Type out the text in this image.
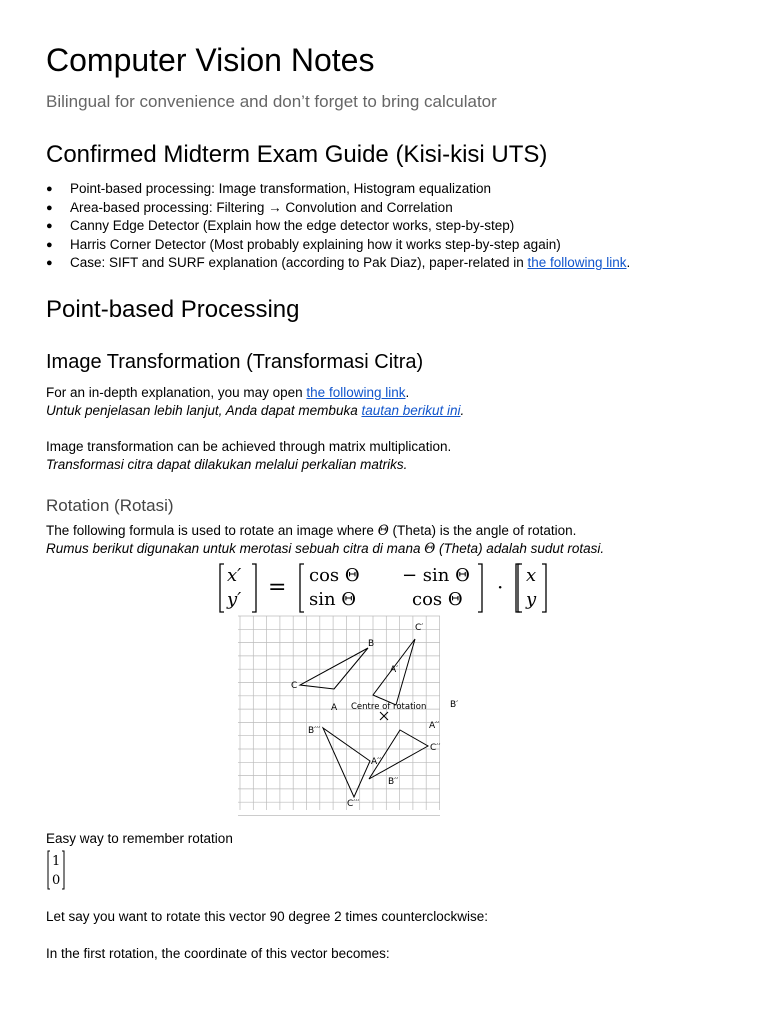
Computer Vision Notes
Bilingual for convenience and don’t forget to bring calculator
Confirmed Midterm Exam Guide (Kisi-kisi UTS)
● Point-based processing: Image transformation, Histogram equalization
● Area-based processing: Filtering → Convolution and Correlation
● Canny Edge Detector (Explain how the edge detector works, step-by-step)
● Harris Corner Detector (Most probably explaining how it works step-by-step again)
● Case: SIFT and SURF explanation (according to Pak Diaz), paper-related in the following link.
Point-based Processing
Image Transformation (Transformasi Citra)
For an in-depth explanation, you may open the following link.
Untuk penjelasan lebih lanjut, Anda dapat membuka tautan berikut ini.
Image transformation can be achieved through matrix multiplication.
Transformasi citra dapat dilakukan melalui perkalian matriks.
Rotation (Rotasi)
The following formula is used to rotate an image where Θ (Theta) is the angle of rotation.
Rumus berikut digunakan untuk merotasi sebuah citra di mana Θ (Theta) adalah sudut rotasi.
x′
y′ = cos Θ − sin Θ
sin Θ	cos Θ
· x
y
A
B
C
A′
B′
C′
A′′
B′′
C′′
A′′′
B′′′
C′′′
Centre of rotation
Easy way to remember rotation
1
0
Let say you want to rotate this vector 90 degree 2 times counterclockwise:
In the first rotation, the coordinate of this vector becomes:
